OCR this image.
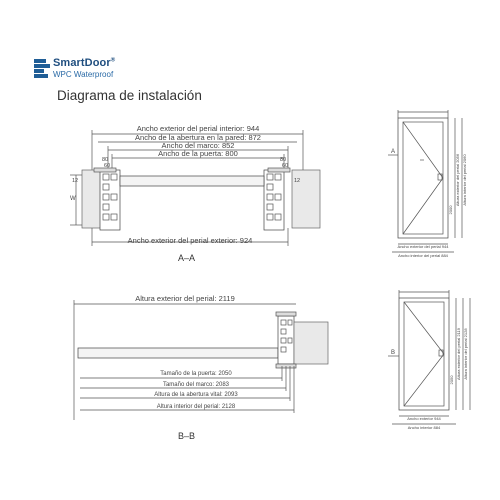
SmartDoor®
WPC Waterproof
Diagrama de instalación
Ancho exterior del perial interior: 944
Ancho de la abertura en la pared: 872
Ancho del marco: 852
Ancho de la puerta: 800
Ancho exterior del perial exterior: 924
80	80
60	60
12	12
W
Altura exterior del perial: 2119
Tamaño de la puerta: 2050
Tamaño del marco: 2083
Altura de la abertura vital: 2093
Altura interior del perial: 2128
A
Altura exterior del perial 2056 Altura interior del perial 2060
2000
Ancho exterior del perial 944
Ancho interior del perial 884
B	Altura exterior del perial 2119 Altura interior del perial 2128
2050
Ancho exterior 944
Ancho interior 884
A–A
B–B
